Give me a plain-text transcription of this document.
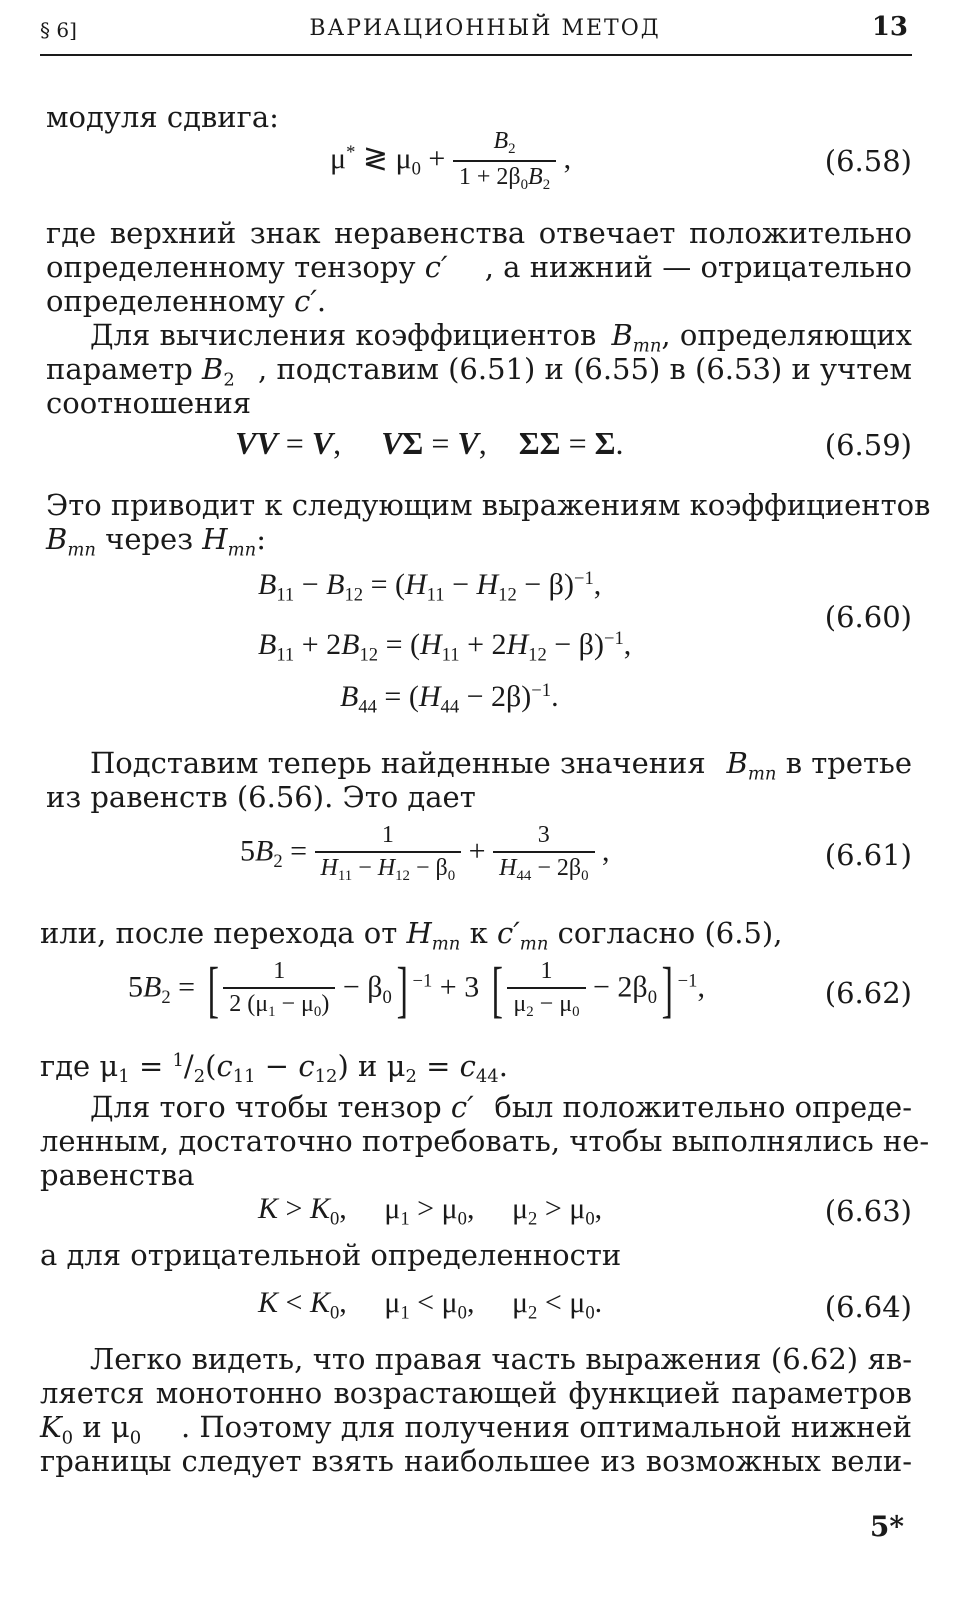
§ 6]	ВАРИАЦИОННЫЙ МЕТОД	13
модуля сдвига:
μ* ≷ $\mu_0 + \frac{B_2}{1 + 2\beta_0B_2}$ ,	(6.58)
где верхний знак неравенства отвечает положительно
определенному тензору c′ , а нижний — отрицательно
определенному c′.
Для вычисления коэффициентов $B_{mn}$, определяющих
параметр $B_2$ , подставим (6.51) и (6.55) в (6.53) и учтем
соотношения
VV = V,     VΣ = V,    ΣΣ = Σ.	(6.59)
Это приводит к следующим выражениям коэффициентов
$B_{mn}$ через $H_{mn}$:
$B_{11} - B_{12} = (H_{11} - H_{12} - \beta)^{-1}$,
$B_{11} + 2B_{12} = (H_{11} + 2H_{12} - \beta)^{-1}$,
$B_{44} = (H_{44} - 2\beta)^{-1}$.
(6.60)
Подставим теперь найденные значения $B_{mn}$ в третье
из равенств (6.56). Это дает
$5B_2 = \frac{1}{H_{11} - H_{12} - \beta_0} + \frac{3}{H_{44} - 2\beta_0}$ ,	(6.61)
или, после перехода от $H_{mn}$ к $c'_{mn}$ согласно (6.5),
$5B_2$ = [ $\frac{1}{2 (\mu_1 - \mu_0)} - \beta_0$] $^{-1}$ + 3 [ $\frac{1}{\mu_2 - \mu_0} - 2\beta_0$] $^{-1}$,	(6.62)
где $\mu_1 = ^1/_2(c_{11} - c_{12})$ и $\mu_2 = c_{44}$.
Для того чтобы тензор c′ был положительно опреде-
ленным, достаточно потребовать, чтобы выполнялись не-
равенства
$K > K_0$,     $\mu_1 > \mu_0$,     $\mu_2 > \mu_0$,	(6.63)
а для отрицательной определенности
$K < K_0$,     $\mu_1 < \mu_0$,     $\mu_2 < \mu_0$.	(6.64)
Легко видеть, что правая часть выражения (6.62) яв-
ляется монотонно возрастающей функцией параметров
$K_0$ и $\mu_0$ . Поэтому для получения оптимальной нижней
границы следует взять наибольшее из возможных вели-
5*
